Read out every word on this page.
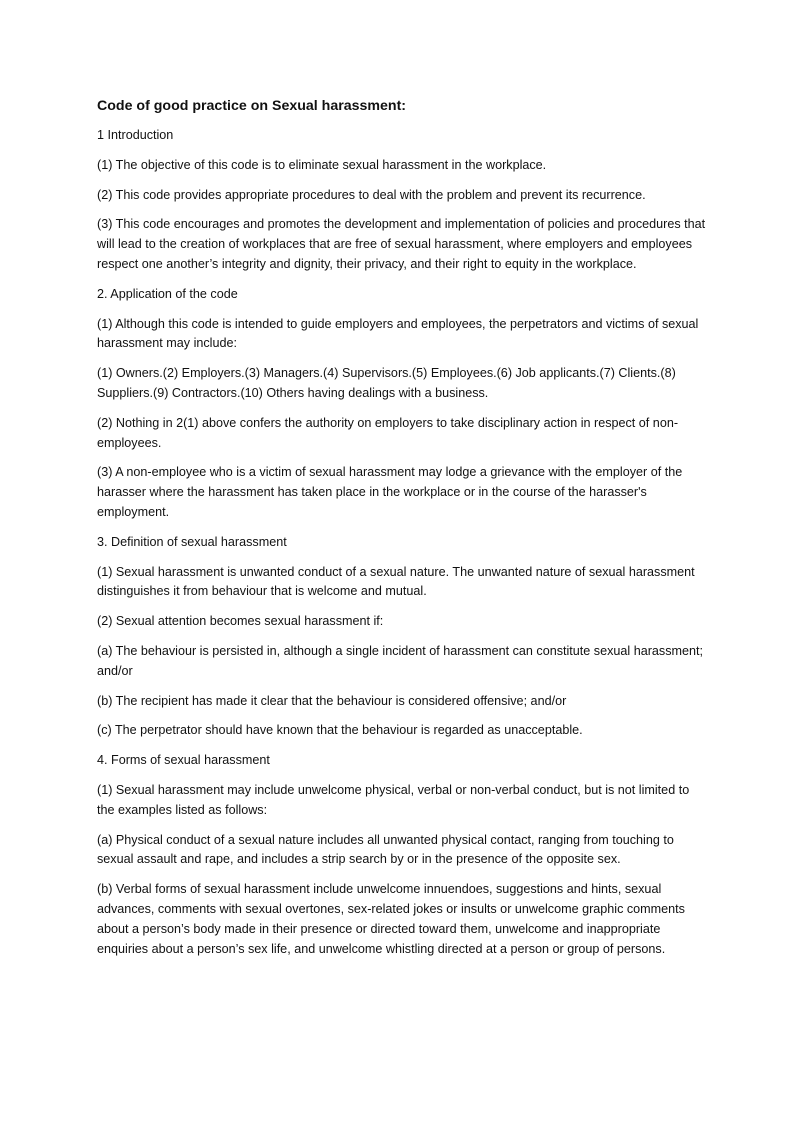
Code of good practice on Sexual harassment:
1 Introduction
(1) The objective of this code is to eliminate sexual harassment in the workplace.
(2) This code provides appropriate procedures to deal with the problem and prevent its recurrence.
(3) This code encourages and promotes the development and implementation of policies and procedures that will lead to the creation of workplaces that are free of sexual harassment, where employers and employees respect one another’s integrity and dignity, their privacy, and their right to equity in the workplace.
2. Application of the code
(1) Although this code is intended to guide employers and employees, the perpetrators and victims of sexual harassment may include:
(1) Owners.(2) Employers.(3) Managers.(4) Supervisors.(5) Employees.(6) Job applicants.(7) Clients.(8) Suppliers.(9) Contractors.(10) Others having dealings with a business.
(2) Nothing in 2(1) above confers the authority on employers to take disciplinary action in respect of non-employees.
(3) A non-employee who is a victim of sexual harassment may lodge a grievance with the employer of the harasser where the harassment has taken place in the workplace or in the course of the harasser's employment.
3. Definition of sexual harassment
(1) Sexual harassment is unwanted conduct of a sexual nature. The unwanted nature of sexual harassment distinguishes it from behaviour that is welcome and mutual.
(2) Sexual attention becomes sexual harassment if:
(a) The behaviour is persisted in, although a single incident of harassment can constitute sexual harassment; and/or
(b) The recipient has made it clear that the behaviour is considered offensive; and/or
(c) The perpetrator should have known that the behaviour is regarded as unacceptable.
4. Forms of sexual harassment
(1) Sexual harassment may include unwelcome physical, verbal or non-verbal conduct, but is not limited to the examples listed as follows:
(a) Physical conduct of a sexual nature includes all unwanted physical contact, ranging from touching to sexual assault and rape, and includes a strip search by or in the presence of the opposite sex.
(b) Verbal forms of sexual harassment include unwelcome innuendoes, suggestions and hints, sexual advances, comments with sexual overtones, sex-related jokes or insults or unwelcome graphic comments about a person’s body made in their presence or directed toward them, unwelcome and inappropriate enquiries about a person’s sex life, and unwelcome whistling directed at a person or group of persons.
